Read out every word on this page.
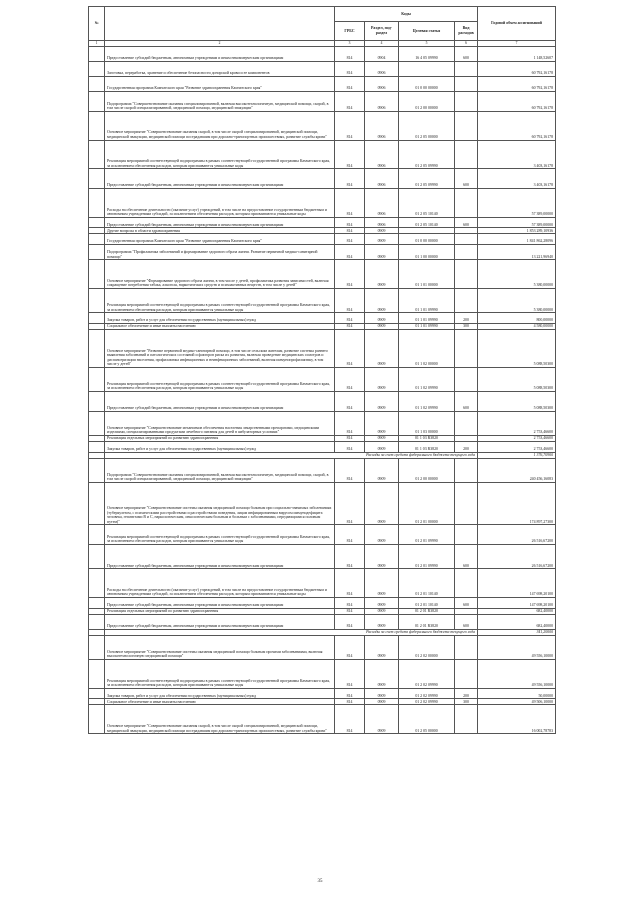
№		Коды				Годовой объем ассигнований
		ГРБС	Раздел, под-раздел	Целевая статья	Вид расходов	
1	2	3	4	5	6	7
	Предоставление субсидий бюджетным, автономным учреждениям и иным некоммерческим организациям	814	0904	16 4 05 09990	600	1 148,52607
	Заготовка, переработка, хранение и обеспечение безопасности донорской крови и ее компонентов	814	0906			60 792,16178
	Государственная программа Камчатского края "Развитие здравоохранения Камчатского края"	814	0906	01 0 00 00000		60 792,16178
	Подпрограмма "Совершенствование оказания специализированной, включая высокотехнологичную, медицинской помощи, скорой, в том числе скорой специализированной, медицинской помощи, медицинской эвакуации"	814	0906	01 2 00 00000		60 792,16178
	Основное мероприятие "Совершенствование оказания скорой, в том числе скорой специализированной, медицинской помощи, медицинской эвакуации, медицинской помощи пострадавшим при дорожно-транспортных происшествиях, развитие службы крови"	814	0906	01 2 05 00000		60 792,16178
	Реализация мероприятий соответствующей подпрограммы в рамках соответствующей государственной программы Камчатского края, за исключением обеспечения расходов, которым присваиваются уникальные коды	814	0906	01 2 05 09990		3 403,16178
	Предоставление субсидий бюджетным, автономным учреждениям и иным некоммерческим организациям	814	0906	01 2 05 09990	600	3 403,16178
	Расходы на обеспечение деятельности (оказание услуг) учреждений, в том числе на предоставление государственным бюджетным и автономным учреждениям субсидий, за исключением обеспечения расходов, которым присваиваются уникальные коды	814	0906	01 2 05 10140		57 389,00000
	Предоставление субсидий бюджетным, автономным учреждениям и иным некоммерческим организациям	814	0906	01 2 05 10140	600	57 389,00000
	Другие вопросы в области здравоохранения	814	0909			1 853 289,10936
	Государственная программа Камчатского края "Развитие здравоохранения Камчатского края"	814	0909	01 0 00 00000		1 841 862,28096
	Подпрограмма "Профилактика заболеваний и формирование здорового образа жизни. Развитие первичной медико-санитарной помощи"	814	0909	01 1 00 00000		13 221,96940
	Основное мероприятие "Формирование здорового образа жизни, в том числе у детей, профилактика развития зависимостей, включая сокращение потребления табака, алкоголя, наркотических средств и психоактивных веществ, в том числе у детей"	814	0909	01 1 01 00000		5 380,00000
	Реализация мероприятий соответствующей подпрограммы в рамках соответствующей государственной программы Камчатского края, за исключением обеспечения расходов, которым присваиваются уникальные коды	814	0909	01 1 01 09990		5 380,00000
	Закупка товаров, работ и услуг для обеспечения государственных (муниципальных) нужд	814	0909	01 1 01 09990	200	800,00000
	Социальное обеспечение и иные выплаты населению	814	0909	01 1 01 09990	300	4 580,00000
	Основное мероприятие "Развитие первичной медико-санитарной помощи, в том числе сельским жителям, развитие системы раннего выявления заболеваний и патологических состояний и факторов риска их развития, включая проведение медицинских осмотров и диспансеризации населения, профилактика инфекционных и неинфекционных заболеваний, включая иммунопрофилактику, в том числе у детей"	814	0909	01 1 02 00000		5 088,50300
	Реализация мероприятий соответствующей подпрограммы в рамках соответствующей государственной программы Камчатского края, за исключением обеспечения расходов, которым присваиваются уникальные коды	814	0909	01 1 02 09990		5 088,50300
	Предоставление субсидий бюджетным, автономным учреждениям и иным некоммерческим организациям	814	0909	01 1 02 09990	600	5 088,50300
	Основное мероприятие "Совершенствование механизмов обеспечения населения лекарственными препаратами, медицинскими изделиями, специализированными продуктами лечебного питания для детей в амбулаторных условиях"	814	0909	01 1 03 00000		2 753,46600
	Реализация отдельных мероприятий по развитию здравоохранения	814	0909	01 1 03 R3820		2 753,46600
	Закупка товаров, работ и услуг для обеспечения государственных (муниципальных) нужд	814	0909	01 1 03 R3820	200	2 753,46600
	Расходы за счет средств федерального бюджета текущего года					1 376,70900
	Подпрограмма "Совершенствование оказания специализированной, включая высокотехнологичную, медицинской помощи, скорой, в том числе скорой специализированной, медицинской помощи, медицинской эвакуации"	814	0909	01 2 00 00000		240 456,16083
	Основное мероприятие "Совершенствование системы оказания медицинской помощи больным при социально-значимых заболеваниях (туберкулезом, с психическими расстройствами и расстройствами поведения, лицам инфицированным вирусом иммунодефицита человека, гепатитами B и C, наркологическим, онкологическим больным и больным с заболеваниями, передающимися половым путем)"	814	0909	01 2 01 00000		174 897,27300
	Реализация мероприятий соответствующей подпрограммы в рамках соответствующей государственной программы Камчатского края, за исключением обеспечения расходов, которым присваиваются уникальные коды	814	0909	01 2 01 09990		26 516,67200
	Предоставление субсидий бюджетным, автономным учреждениям и иным некоммерческим организациям	814	0909	01 2 01 09990	600	26 516,67200
	Расходы на обеспечение деятельности (оказание услуг) учреждений, в том числе на предоставление государственным бюджетным и автономным учреждениям субсидий, за исключением обеспечения расходов, которым присваиваются уникальные коды	814	0909	01 2 01 10140		147 698,20100
	Предоставление субсидий бюджетным, автономным учреждениям и иным некоммерческим организациям	814	0909	01 2 01 10140	600	147 698,20100
	Реализация отдельных мероприятий по развитию здравоохранения	814	0909	01 2 01 R3820		682,40000
	Предоставление субсидий бюджетным, автономным учреждениям и иным некоммерческим организациям	814	0909	01 2 01 R3820	600	682,40000
	Расходы за счет средств федерального бюджета текущего года					341,20000
	Основное мероприятие "Совершенствование системы оказания медицинской помощи больным прочими заболеваниями, включая высокотехнологичную медицинской помощи"	814	0909	01 2 02 00000		49 556,10000
	Реализация мероприятий соответствующей подпрограммы в рамках соответствующей государственной программы Камчатского края, за исключением обеспечения расходов, которым присваиваются уникальные коды	814	0909	01 2 02 09990		49 556,10000
	Закупка товаров, работ и услуг для обеспечения государственных (муниципальных) нужд	814	0909	01 2 02 09990	200	50,00000
	Социальное обеспечение и иные выплаты населению	814	0909	01 2 02 09990	300	49 506,10000
	Основное мероприятие "Совершенствование оказания скорой, в том числе скорой специализированной, медицинской помощи, медицинской эвакуации, медицинской помощи пострадавшим при дорожно-транспортных происшествиях, развитие службы крови"	814	0909	01 2 05 00000		16 002,78783
35
